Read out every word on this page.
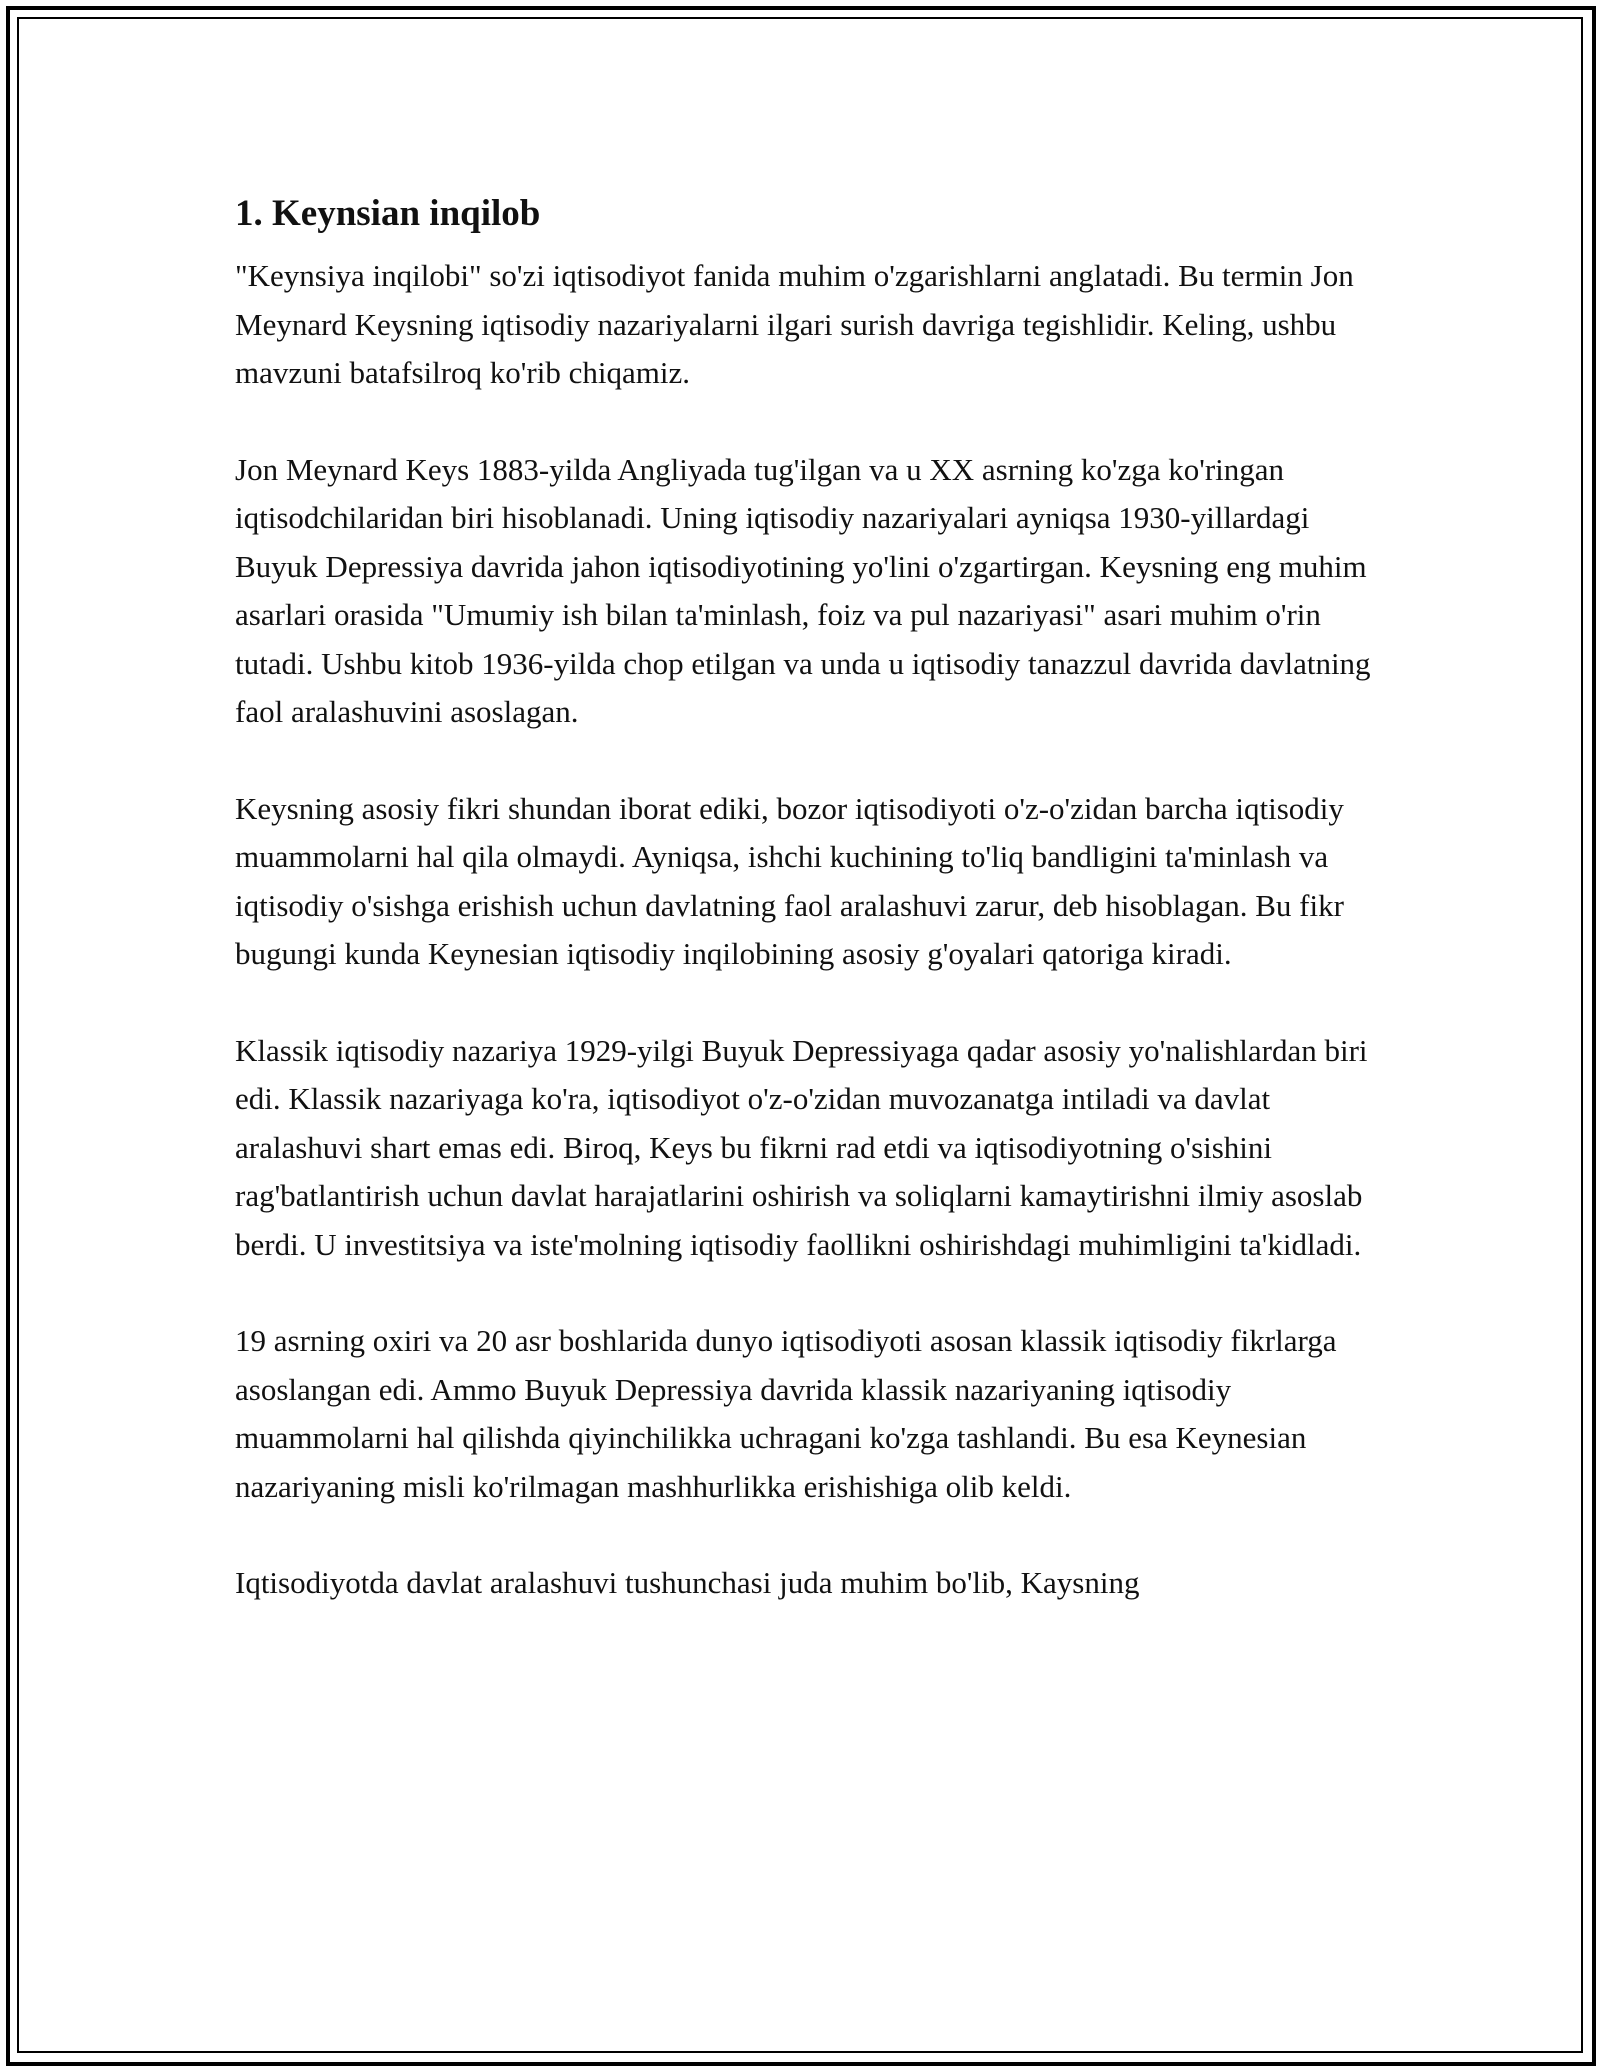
1. Keynsian inqilob

"Keynsiya inqilobi" so'zi iqtisodiyot fanida muhim o'zgarishlarni anglatadi. Bu termin Jon Meynard Keysning iqtisodiy nazariyalarni ilgari surish davriga tegishlidir. Keling, ushbu mavzuni batafsilroq ko'rib chiqamiz.

Jon Meynard Keys 1883-yilda Angliyada tug'ilgan va u XX asrning ko'zga ko'ringan iqtisodchilaridan biri hisoblanadi. Uning iqtisodiy nazariyalari ayniqsa 1930-yillardagi Buyuk Depressiya davrida jahon iqtisodiyotining yo'lini o'zgartirgan. Keysning eng muhim asarlari orasida "Umumiy ish bilan ta'minlash, foiz va pul nazariyasi" asari muhim o'rin tutadi. Ushbu kitob 1936-yilda chop etilgan va unda u iqtisodiy tanazzul davrida davlatning faol aralashuvini asoslagan.

Keysning asosiy fikri shundan iborat ediki, bozor iqtisodiyoti o'z-o'zidan barcha iqtisodiy muammolarni hal qila olmaydi. Ayniqsa, ishchi kuchining to'liq bandligini ta'minlash va iqtisodiy o'sishga erishish uchun davlatning faol aralashuvi zarur, deb hisoblagan. Bu fikr bugungi kunda Keynesian iqtisodiy inqilobining asosiy g'oyalari qatoriga kiradi.

Klassik iqtisodiy nazariya 1929-yilgi Buyuk Depressiyaga qadar asosiy yo'nalishlardan biri edi. Klassik nazariyaga ko'ra, iqtisodiyot o'z-o'zidan muvozanatga intiladi va davlat aralashuvi shart emas edi. Biroq, Keys bu fikrni rad etdi va iqtisodiyotning o'sishini rag'batlantirish uchun davlat harajatlarini oshirish va soliqlarni kamaytirishni ilmiy asoslab berdi. U investitsiya va iste'molning iqtisodiy faollikni oshirishdagi muhimligini ta'kidladi.

19 asrning oxiri va 20 asr boshlarida dunyo iqtisodiyoti asosan klassik iqtisodiy fikrlarga asoslangan edi. Ammo Buyuk Depressiya davrida klassik nazariyaning iqtisodiy muammolarni hal qilishda qiyinchilikka uchragani ko'zga tashlandi. Bu esa Keynesian nazariyaning misli ko'rilmagan mashhurlikka erishishiga olib keldi.

Iqtisodiyotda davlat aralashuvi tushunchasi juda muhim bo'lib, Kaysning
